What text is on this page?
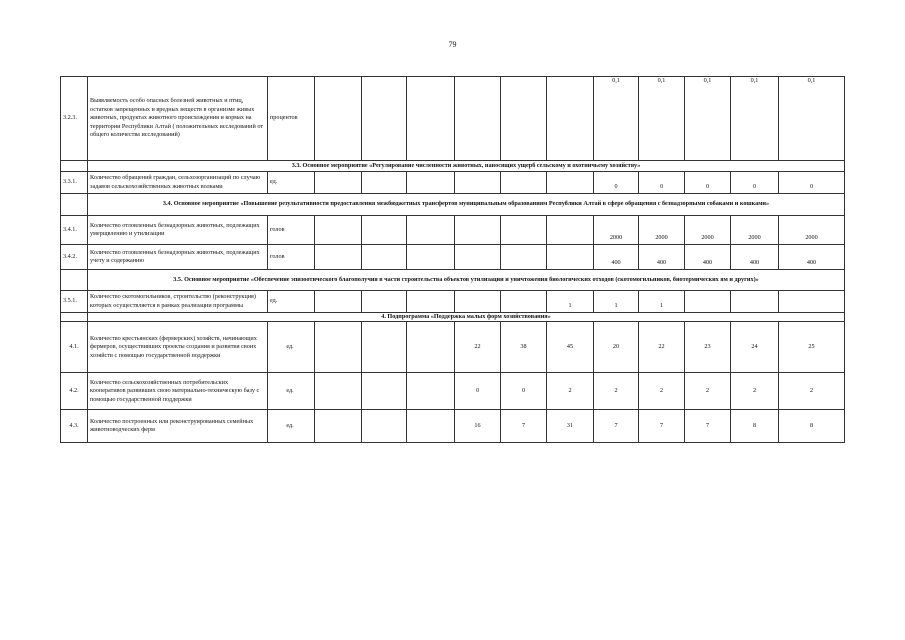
79
3.2.3.	Выявляемость особо опасных болезней животных и птиц, остатков запрещенных и вредных веществ в организме живых животных, продуктах животного происхождения и кормах на территории Республики Алтай ( положительных исследований от общего количества исследований)	процентов							0,1	0,1	0,1	0,1	0,1	
	3.3. Основное мероприятие «Регулирование численности животных, наносящих ущерб сельскому и охотничьему хозяйству»													
3.3.1.	Количество обращений граждан, сельхозорганизаций по случаю задавов сельскохозяйственных животных волками	ед.							0	0	0	0	0	
	3.4. Основное мероприятие «Повышение результативности предоставления межбюджетных трансфертов муниципальным образованиям Республики Алтай в сфере обращения с безнадзорными собаками и кошками»													
3.4.1.	Количество отловленных безнадзорных животных, подлежащих умерщвлению и утилизации	голов							2000	2000	2000	2000	2000	
3.4.2.	Количество отловленных безнадзорных животных, подлежащих учету и содержанию	голов							400	400	400	400	400	
	3.5. Основное мероприятие «Обеспечение эпизоотического благополучия в части строительства объектов утилизации и уничтожения биологических отходов (скотомогильников, биотермических ям и других)»													
3.5.1.	Количество скотомогильников, строительство (реконструкция) которых осуществляется в рамках реализации программы	ед.						1	1	1				
	4. Подпрограмма «Поддержка малых форм хозяйствования»													
4.1.	Количество крестьянских (фермерских) хозяйств, начинающих фермеров, осуществивших проекты создания и развития своих хозяйств с помощью государственной поддержки	ед.				22	38	45	20	22	23	24	25	
4.2.	Количество сельскохозяйственных потребительских кооперативов развивших свою материально-техническую базу с помощью государственной поддержки	ед.				0	0	2	2	2	2	2	2	
4.3.	Количество построенных или реконструированных семейных животноводческих ферм	ед.				16	7	31	7	7	7	8	8	
